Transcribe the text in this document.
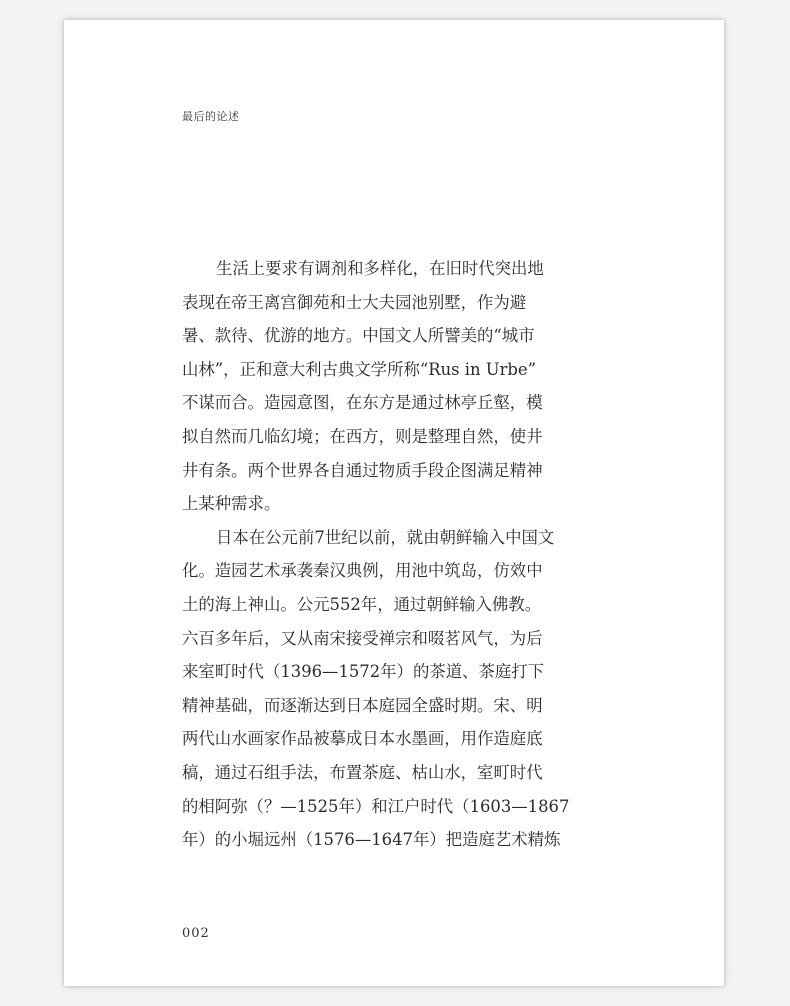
最后的论述

生活上要求有调剂和多样化，在旧时代突出地
表现在帝王离宫御苑和士大夫园池别墅，作为避
暑、款待、优游的地方。中国文人所譬美的“城市
山林”，正和意大利古典文学所称“Rus in Urbe”
不谋而合。造园意图，在东方是通过林亭丘壑，模
拟自然而几临幻境；在西方，则是整理自然，使井
井有条。两个世界各自通过物质手段企图满足精神
上某种需求。

日本在公元前7世纪以前，就由朝鲜输入中国文
化。造园艺术承袭秦汉典例，用池中筑岛，仿效中
土的海上神山。公元552年，通过朝鲜输入佛教。
六百多年后，又从南宋接受禅宗和啜茗风气，为后
来室町时代（1396—1572年）的茶道、茶庭打下
精神基础，而逐渐达到日本庭园全盛时期。宋、明
两代山水画家作品被摹成日本水墨画，用作造庭底
稿，通过石组手法，布置茶庭、枯山水，室町时代
的相阿弥（？—1525年）和江户时代（1603—1867
年）的小堀远州（1576—1647年）把造庭艺术精炼

002
